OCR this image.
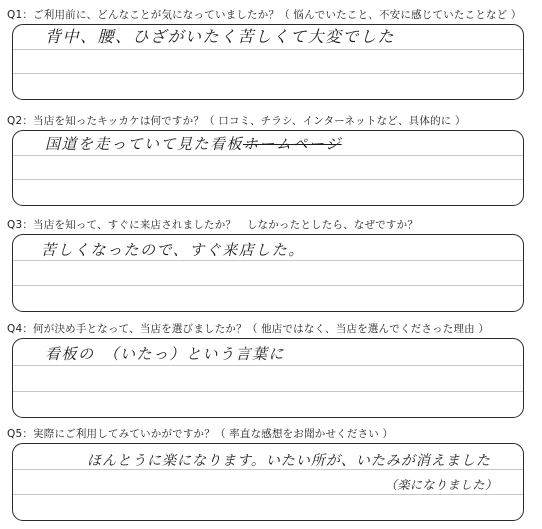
Q1：ご利用前に、どんなことが気になっていましたか？（ 悩んでいたこと、不安に感じていたことなど ）
背中、腰、ひざがいたく苦しくて大変でした
Q2：当店を知ったキッカケは何ですか？（ 口コミ、チラシ、インターネットなど、具体的に ）
国道を走っていて見た看板ホームページ
Q3：当店を知って、すぐに来店されましたか？　しなかったとしたら、なぜですか？
苦しくなったので、すぐ来店した。
Q4：何が決め手となって、当店を選びましたか？（ 他店ではなく、当店を選んでくださった理由 ）
看板の　（いたっ）という言葉に
Q5：実際にご利用してみていかがですか？（ 率直な感想をお聞かせください ）
ほんとうに楽になります。いたい所が、いたみが消えました
（楽になりました）
